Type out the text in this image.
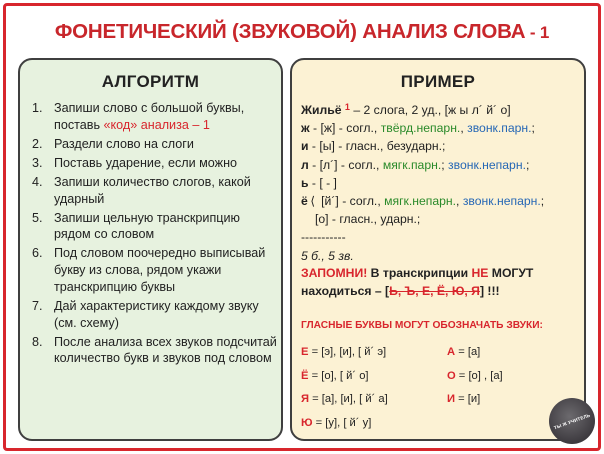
ФОНЕТИЧЕСКИЙ (ЗВУКОВОЙ) АНАЛИЗ СЛОВА - 1
АЛГОРИТМ
1. Запиши слово с большой буквы, поставь «код» анализа – 1
2. Раздели слово на слоги
3. Поставь ударение, если можно
4. Запиши количество слогов, какой ударный
5. Запиши цельную транскрипцию рядом со словом
6. Под словом поочередно выписывай букву из слова, рядом укажи транскрипцию буквы
7. Дай характеристику каждому звуку (см. схему)
8. После анализа всех звуков подсчитай количество букв и звуков под словом
ПРИМЕР
Жильё $^1$ – 2 слога, 2 уд., [ж ы л´ й´ о]
ж - [ж] - согл., твёрд.непарн., звонк.парн.;
и - [ы] - гласн., безударн.;
л - [л´] - согл., мягк.парн.; звонк.непарн.;
ь - [ - ]
ё ⟨ [й´] - согл., мягк.непарн., звонк.непарн.;
[о] - гласн., ударн.;
-----------
5 б., 5 зв.
ЗАПОМНИ! В транскрипции НЕ МОГУТ находиться – [Ь, Ъ, Е, Ё, Ю, Я] !!!
ГЛАСНЫЕ БУКВЫ МОГУТ ОБОЗНАЧАТЬ ЗВУКИ:
Е = [э], [и], [ й´ э]	А = [а]
Ё = [о], [ й´ о]	О = [о] , [а]
Я = [а], [и], [ й´ а]	И = [и]
Ю = [у], [ й´ у]	ТЫ Ж УЧИТЕЛЬ
